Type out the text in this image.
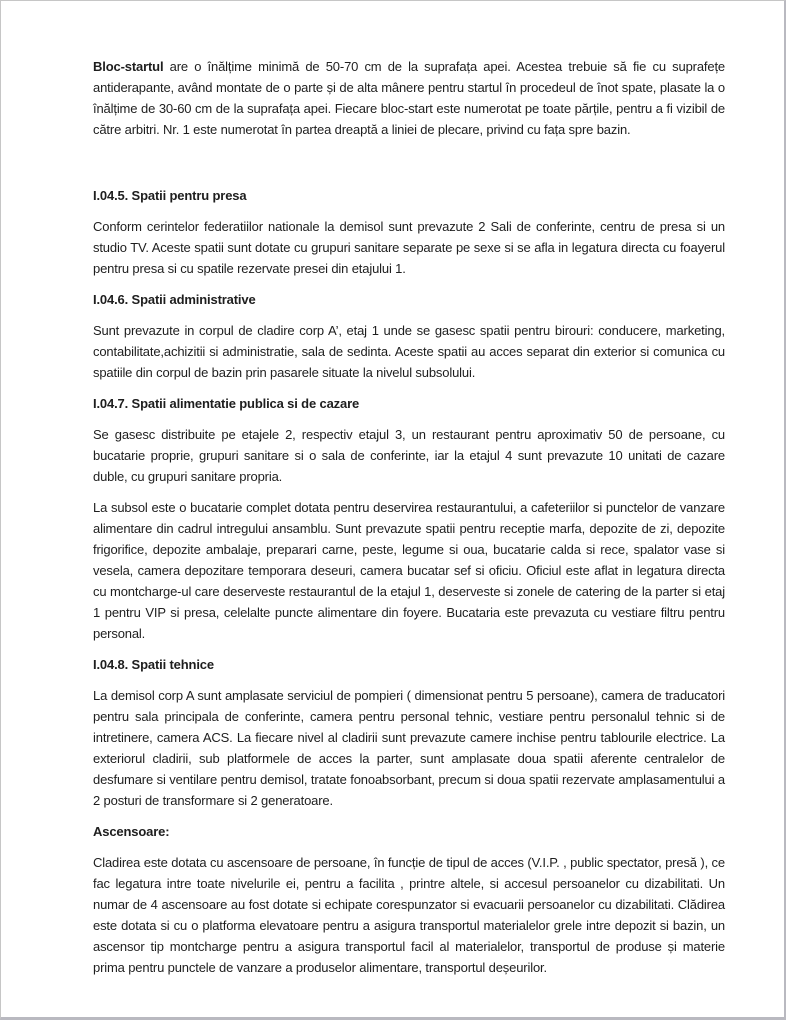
Bloc-startul are o înălțime minimă de 50-70 cm de la suprafața apei. Acestea trebuie să fie cu suprafețe antiderapante, având montate de o parte și de alta mânere pentru startul în procedeul de înot spate, plasate la o înălțime de 30-60 cm de la suprafața apei. Fiecare bloc-start este numerotat pe toate părțile, pentru a fi vizibil de către arbitri. Nr. 1 este numerotat în partea dreaptă a liniei de plecare, privind cu fața spre bazin.

I.04.5. Spatii pentru presa

Conform cerintelor federatiilor nationale la demisol sunt prevazute 2 Sali de conferinte, centru de presa si un studio TV. Aceste spatii sunt dotate cu grupuri sanitare separate pe sexe si se afla in legatura directa cu foayerul pentru presa si cu spatile rezervate presei din etajului 1.

I.04.6. Spatii administrative

Sunt prevazute in corpul de cladire corp A’, etaj 1 unde se gasesc spatii pentru birouri: conducere, marketing, contabilitate,achizitii si administratie, sala de sedinta. Aceste spatii au acces separat din exterior si comunica cu spatiile din corpul de bazin prin pasarele situate la nivelul subsolului.

I.04.7. Spatii alimentatie publica si de cazare

Se gasesc distribuite pe etajele 2, respectiv etajul 3, un restaurant pentru aproximativ 50 de persoane, cu bucatarie proprie, grupuri sanitare si o sala de conferinte, iar la etajul 4 sunt prevazute 10 unitati de cazare duble, cu grupuri sanitare propria.

La subsol este o bucatarie complet dotata pentru deservirea restaurantului, a cafeteriilor si punctelor de vanzare alimentare din cadrul intregului ansamblu. Sunt prevazute spatii pentru receptie marfa, depozite de zi, depozite frigorifice, depozite ambalaje, preparari carne, peste, legume si oua, bucatarie calda si rece, spalator vase si vesela, camera depozitare temporara deseuri, camera bucatar sef si oficiu. Oficiul este aflat in legatura directa cu montcharge-ul care deserveste restaurantul de la etajul 1, deserveste si zonele de catering de la parter si etaj 1 pentru VIP si presa, celelalte puncte alimentare din foyere. Bucataria este prevazuta cu vestiare filtru pentru personal.

I.04.8. Spatii tehnice

La demisol corp A sunt amplasate serviciul de pompieri ( dimensionat pentru 5 persoane), camera de traducatori pentru sala principala de conferinte, camera pentru personal tehnic, vestiare pentru personalul tehnic si de intretinere, camera ACS. La fiecare nivel al cladirii sunt prevazute camere inchise pentru tablourile electrice. La exteriorul cladirii, sub platformele de acces la parter, sunt amplasate doua spatii aferente centralelor de desfumare si ventilare pentru demisol, tratate fonoabsorbant, precum si doua spatii rezervate amplasamentului a 2 posturi de transformare si 2 generatoare.

Ascensoare:

Cladirea este dotata cu ascensoare de persoane, în funcție de tipul de acces (V.I.P. , public spectator, presă ), ce fac legatura intre toate nivelurile ei, pentru a facilita , printre altele, si accesul persoanelor cu dizabilitati. Un numar de 4 ascensoare au fost dotate si echipate corespunzator si evacuarii persoanelor cu dizabilitati. Clădirea este dotata si cu o platforma elevatoare pentru a asigura transportul materialelor grele intre depozit si bazin, un ascensor tip montcharge pentru a asigura transportul facil al materialelor, transportul de produse și materie prima pentru punctele de vanzare a produselor alimentare, transportul deșeurilor.
